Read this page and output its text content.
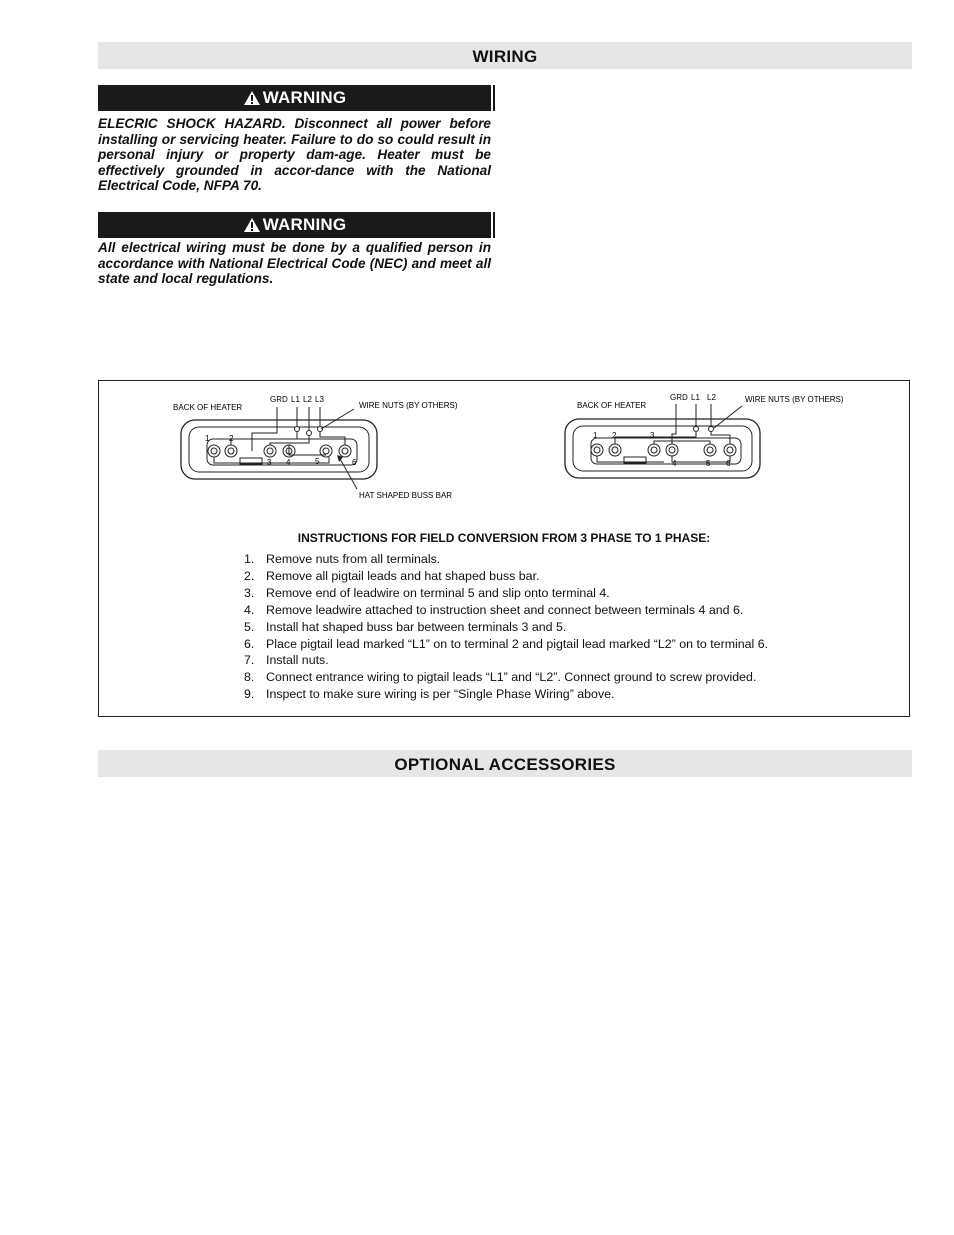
WIRING
WARNING

ELECRIC SHOCK HAZARD. Disconnect all power before installing or servicing heater. Failure to do so could result in personal injury or property dam-age. Heater must be effectively grounded in accor-dance with the National Electrical Code, NFPA 70.

WARNING

All electrical wiring must be done by a qualified person in accordance with National Electrical Code (NEC) and meet all state and local regulations.

BACK OF HEATER
GRD L1 L2 L3
WIRE NUTS (BY OTHERS)
HAT SHAPED BUSS BAR
1 2
3 4	5	6
BACK OF HEATER
GRD L1 L2	WIRE NUTS (BY OTHERS)
1 2	3
4	5 6
INSTRUCTIONS FOR FIELD CONVERSION FROM 3 PHASE TO 1 PHASE:
1. Remove nuts from all terminals.
2. Remove all pigtail leads and hat shaped buss bar.
3. Remove end of leadwire on terminal 5 and slip onto terminal 4.
4. Remove leadwire attached to instruction sheet and connect between terminals 4 and 6.
5. Install hat shaped buss bar between terminals 3 and 5.
6. Place pigtail lead marked “L1” on to terminal 2 and pigtail lead marked “L2” on to terminal 6.
7. Install nuts.
8. Connect entrance wiring to pigtail leads “L1” and “L2”. Connect ground to screw provided.
9. Inspect to make sure wiring is per “Single Phase Wiring” above.
OPTIONAL ACCESSORIES
